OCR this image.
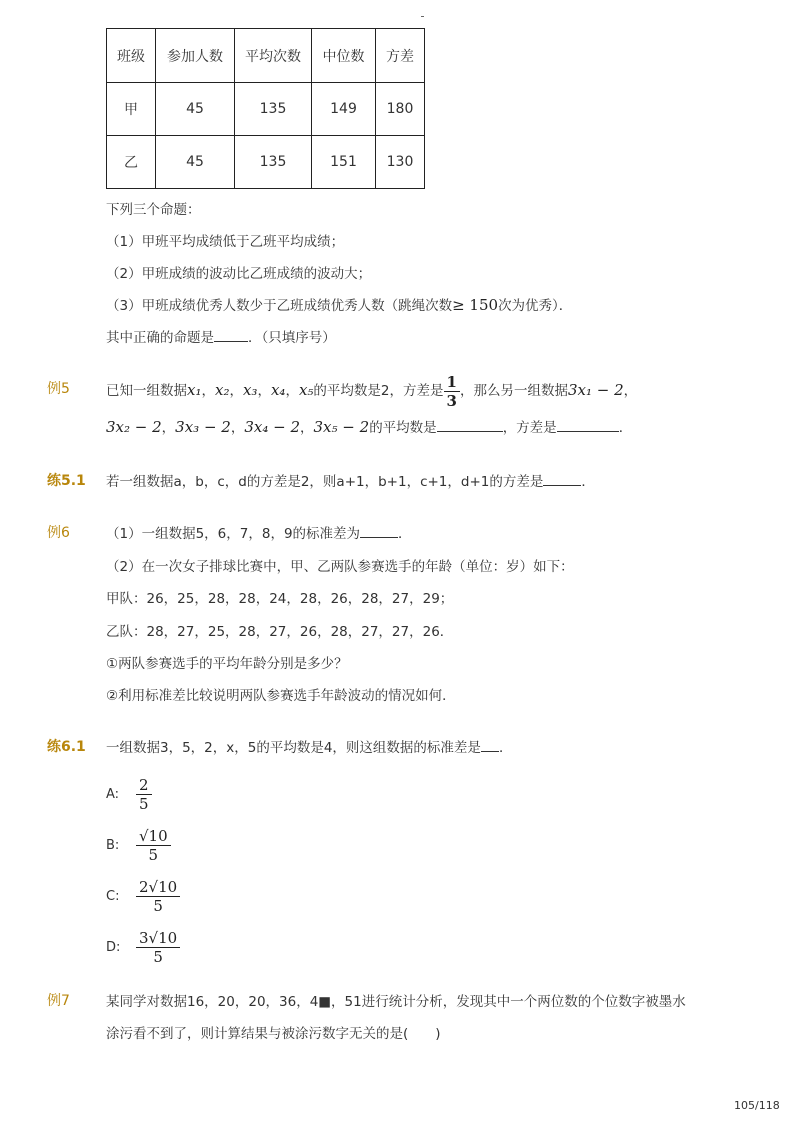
班级	参加人数	平均次数	中位数	方差
甲	45	135	149	180
乙	45	135	151	130
下列三个命题：
（1）甲班平均成绩低于乙班平均成绩；
（2）甲班成绩的波动比乙班成绩的波动大；
（3）甲班成绩优秀人数少于乙班成绩优秀人数（跳绳次数≥ 150次为优秀）．
其中正确的命题是	．（只填序号）
例5	已知一组数据x₁，x₂，x₃，x₄，x₅的平均数是2，方差是 $\frac{1}{3}$ ，那么另一组数据3x₁ − 2，
3x₂ − 2，3x₃ − 2，3x₄ − 2，3x₅ − 2的平均数是	，方差是	．
练5.1 若一组数据a，b，c，d的方差是2，则a+1，b+1，c+1，d+1的方差是	．
例6	（1）一组数据5，6，7，8，9的标准差为	．
（2）在一次女子排球比赛中，甲、乙两队参赛选手的年龄（单位：岁）如下：
甲队：26，25，28，28，24，28，26，28，27，29；
乙队：28，27，25，28，27，26，28，27，27，26．
①两队参赛选手的平均年龄分别是多少？
②利用标准差比较说明两队参赛选手年龄波动的情况如何．
练6.1 一组数据3，5，2，x，5的平均数是4，则这组数据的标准差是 ．
A: $\frac{2}{5}$
B: $\frac{√10}{5}$
C: $\frac{2√10}{5}$
D: $\frac{3√10}{5}$
例7	某同学对数据16，20，20，36，4■，51进行统计分析，发现其中一个两位数的个位数字被墨水
涂污看不到了，则计算结果与被涂污数字无关的是(　　)
105/118
